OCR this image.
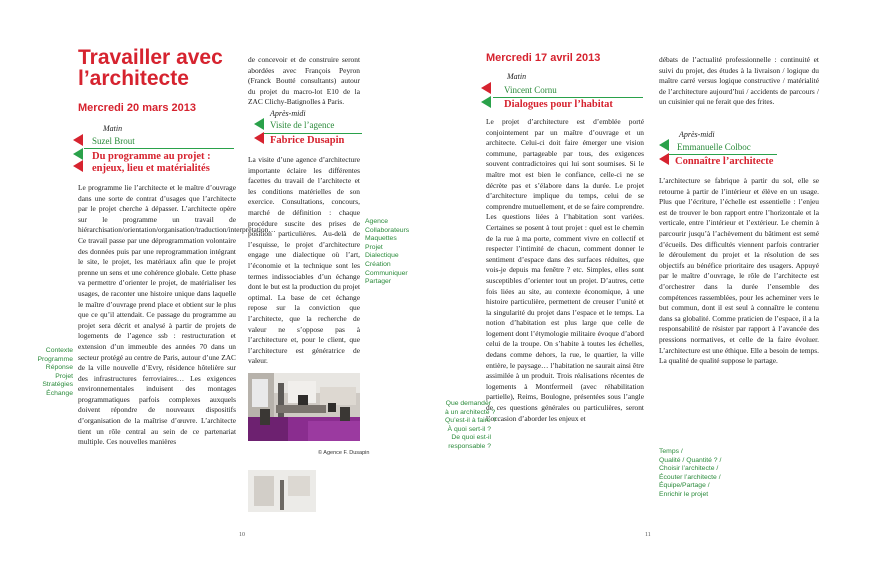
Travailler avec
l’architecte
Mercredi 20 mars 2013
Matin
Suzel Brout
Du programme au projet :
enjeux, lieu et matérialités

Le programme lie l’architecte et le maître d’ouvrage dans une sorte de contrat d’usages que l’architecte par le projet cherche à dépasser. L’architecte opère sur le programme un travail de hiérarchisation/orientation/organisation/traduction/interprétation… Ce travail passe par une déprogrammation volontaire des données puis par une reprogrammation intégrant le site, le projet, les matériaux afin que le projet prenne un sens et une cohérence globale. Cette phase va permettre d’orienter le projet, de matérialiser les usages, de raconter une histoire unique dans laquelle le maître d’ouvrage prend place et obtient sur le plus que ce qu’il attendait. Ce passage du programme au projet sera décrit et analysé à partir de projets de logements de l’agence ssb : restructuration et extension d’un immeuble des années 70 dans un secteur protégé au centre de Paris, autour d’une ZAC de la ville nouvelle d’Evry, résidence hôtelière sur des infrastructures ferroviaires… Les exigences environnementales induisent des montages programmatiques parfois complexes auxquels doivent répondre de nouveaux dispositifs d’organisation de la maîtrise d’œuvre. L’architecte tient un rôle central au sein de ce partenariat multiple. Ces nouvelles manières

Contexte
Programme
Réponse
Projet
Stratégies
Échange

de concevoir et de construire seront abordées avec François Peyron (Franck Boutté consultants) autour du projet du macro-lot E10 de la ZAC Clichy-Batignolles à Paris.

Après-midi
Visite de l’agence
Fabrice Dusapin

La visite d’une agence d’architecture importante éclaire les différentes facettes du travail de l’architecte et les conditions matérielles de son exercice. Consultations, concours, marché de définition : chaque procédure suscite des prises de position particulières. Au-delà de l’esquisse, le projet d’architecture engage une dialectique où l’art, l’économie et la technique sont les termes indissociables d’un échange dont le but est la production du projet optimal. La base de cet échange repose sur la conviction que l’architecte, que la recherche de valeur ne s’oppose pas à l’architecture et, pour le client, que l’architecture est génératrice de valeur.

Agence
Collaborateurs
Maquettes
Projet
Dialectique
Création
Communiquer
Partager
© Agence F. Dusapin
10
Mercredi 17 avril 2013
Matin
Vincent Cornu
Dialogues pour l’habitat

Le projet d’architecture est d’emblée porté conjointement par un maître d’ouvrage et un architecte. Celui-ci doit faire émerger une vision commune, partageable par tous, des exigences souvent contradictoires qui lui sont soumises. Si le maître mot est bien le confiance, celle-ci ne se décrète pas et s’élabore dans la durée. Le projet d’architecture implique du temps, celui de se comprendre mutuellement, et de se faire comprendre. Les questions liées à l’habitation sont variées. Certaines se posent à tout projet : quel est le chemin de la rue à ma porte, comment vivre en collectif et respecter l’intimité de chacun, comment donner le sentiment d’espace dans des surfaces réduites, que vois-je depuis ma fenêtre ? etc. Simples, elles sont susceptibles d’orienter tout un projet. D’autres, cette fois liées au site, au contexte économique, à une histoire particulière, permettent de creuser l’unité et la singularité du projet dans l’espace et le temps. La notion d’habitation est plus large que celle de logement dont l’étymologie militaire évoque d’abord celui de la troupe. On s’habite à toutes les échelles, dedans comme dehors, la rue, le quartier, la ville entière, le paysage… l’habitation ne saurait ainsi être assimilée à un produit. Trois réalisations récentes de logements à Montfermeil (avec réhabilitation partielle), Reims, Boulogne, présentées sous l’angle de ces questions générales ou particulières, seront l’occasion d’aborder les enjeux et

Que demander
à un architecte ?
Qu’est-il à faire ?
À quoi sert-il ?
De quoi est-il
responsable ?

débats de l’actualité professionnelle : continuité et suivi du projet, des études à la livraison / logique du maître carré versus logique constructive / matérialité de l’architecture aujourd’hui / accidents de parcours / un cuisinier qui ne ferait que des frites.

Après-midi
Emmanuelle Colboc
Connaître l’architecte

L’architecture se fabrique à partir du sol, elle se retourne à partir de l’intérieur et élève en un usage. Plus que l’écriture, l’échelle est essentielle : l’enjeu est de trouver le bon rapport entre l’horizontale et la verticale, entre l’intérieur et l’extérieur. Le chemin à parcourir jusqu’à l’achèvement du bâtiment est semé d’écueils. Des difficultés viennent parfois contrarier le déroulement du projet et la résolution de ses objectifs au bénéfice prioritaire des usagers. Appuyé par le maître d’ouvrage, le rôle de l’architecte est d’orchestrer dans la durée l’ensemble des compétences rassemblées, pour les acheminer vers le but commun, dont il est seul à connaître le contenu dans sa globalité. Comme praticien de l’espace, il a la responsabilité de résister par rapport à l’avancée des pressions normatives, et celle de la faire évoluer. L’architecture est une éthique. Elle a besoin de temps. La qualité de qualité suppose le partage.

Temps /
Qualité / Quantité ? /
Choisir l’architecte /
Écouter l’architecte /
Équipe/Partage /
Enrichir le projet
11
